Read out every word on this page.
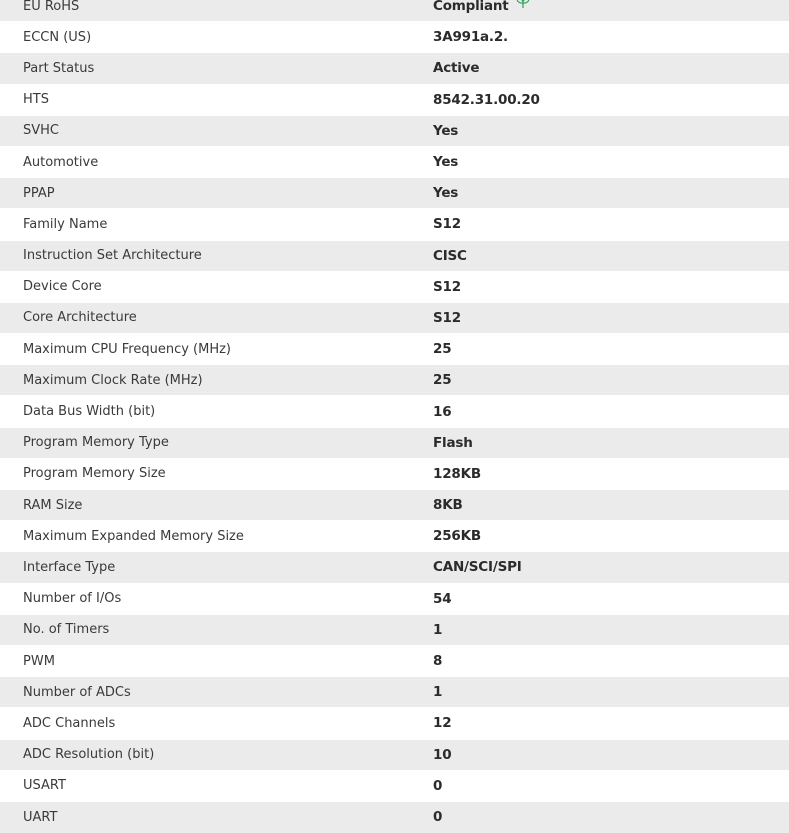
EU RoHS	Compliant
ECCN (US)	3A991a.2.
Part Status	Active
HTS	8542.31.00.20
SVHC	Yes
Automotive	Yes
PPAP	Yes
Family Name	S12
Instruction Set Architecture	CISC
Device Core	S12
Core Architecture	S12
Maximum CPU Frequency (MHz)	25
Maximum Clock Rate (MHz)	25
Data Bus Width (bit)	16
Program Memory Type	Flash
Program Memory Size	128KB
RAM Size	8KB
Maximum Expanded Memory Size	256KB
Interface Type	CAN/SCI/SPI
Number of I/Os	54
No. of Timers	1
PWM	8
Number of ADCs	1
ADC Channels	12
ADC Resolution (bit)	10
USART	0
UART	0
